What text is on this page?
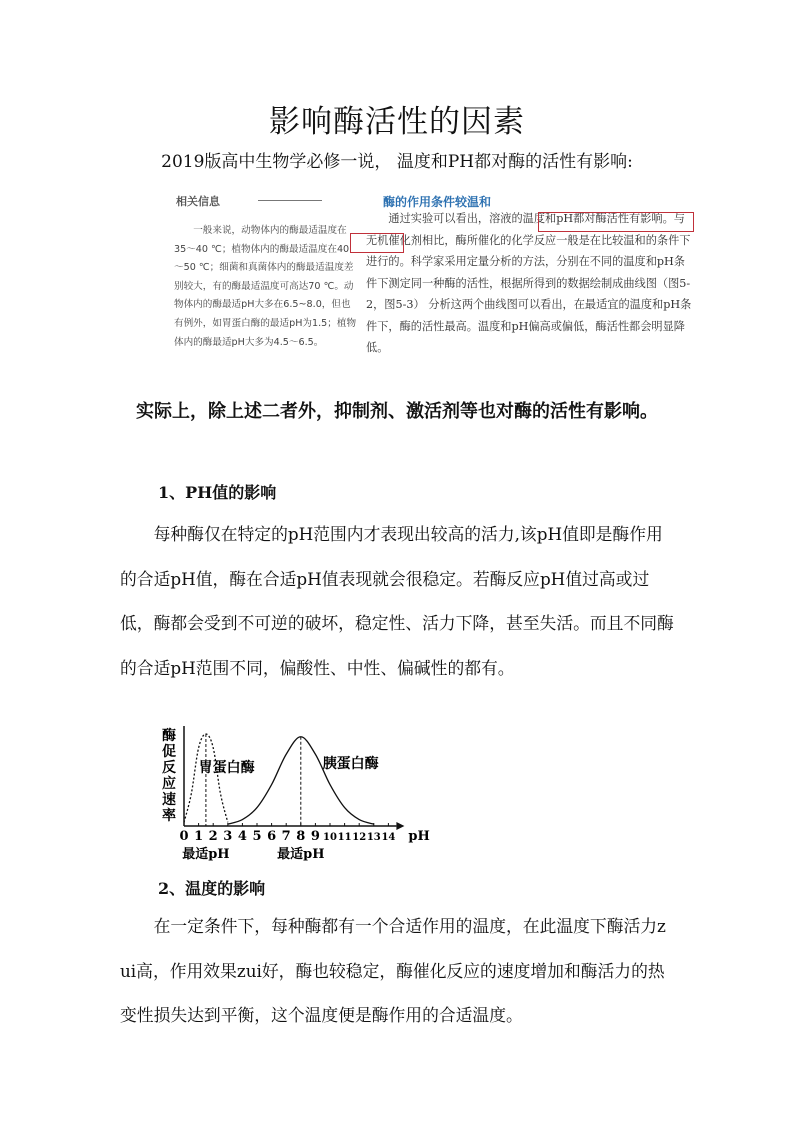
影响酶活性的因素
2019版高中生物学必修一说， 温度和PH都对酶的活性有影响:
相关信息
一般来说，动物体内的酶最适温度在35～40 ℃；植物体内的酶最适温度在40～50 ℃；细菌和真菌体内的酶最适温度差别较大，有的酶最适温度可高达70 ℃。动物体内的酶最适pH大多在6.5~8.0，但也有例外，如胃蛋白酶的最适pH为1.5；植物体内的酶最适pH大多为4.5～6.5。
酶的作用条件较温和
通过实验可以看出，溶液的温度和pH都对酶活性有影响。与无机催化剂相比，酶所催化的化学反应一般是在比较温和的条件下进行的。科学家采用定量分析的方法，分别在不同的温度和pH条件下测定同一种酶的活性，根据所得到的数据绘制成曲线图（图5-2，图5-3） 分析这两个曲线图可以看出，在最适宜的温度和pH条件下，酶的活性最高。温度和pH偏高或偏低，酶活性都会明显降低。
实际上，除上述二者外，抑制剂、激活剂等也对酶的活性有影响。
1、PH值的影响
每种酶仅在特定的pH范围内才表现出较高的活力,该pH值即是酶作用的合适pH值，酶在合适pH值表现就会很稳定。若酶反应pH值过高或过低，酶都会受到不可逆的破坏，稳定性、活力下降，甚至失活。而且不同酶的合适pH范围不同，偏酸性、中性、偏碱性的都有。
酶
促
反
应
速
率
0 1 2 3 4 5 6 7 8 9 10 11 12 13 14 pH
胃蛋白酶	胰蛋白酶
最适pH	最适pH
2、温度的影响
在一定条件下，每种酶都有一个合适作用的温度，在此温度下酶活力zui高，作用效果zui好，酶也较稳定，酶催化反应的速度增加和酶活力的热变性损失达到平衡，这个温度便是酶作用的合适温度。
